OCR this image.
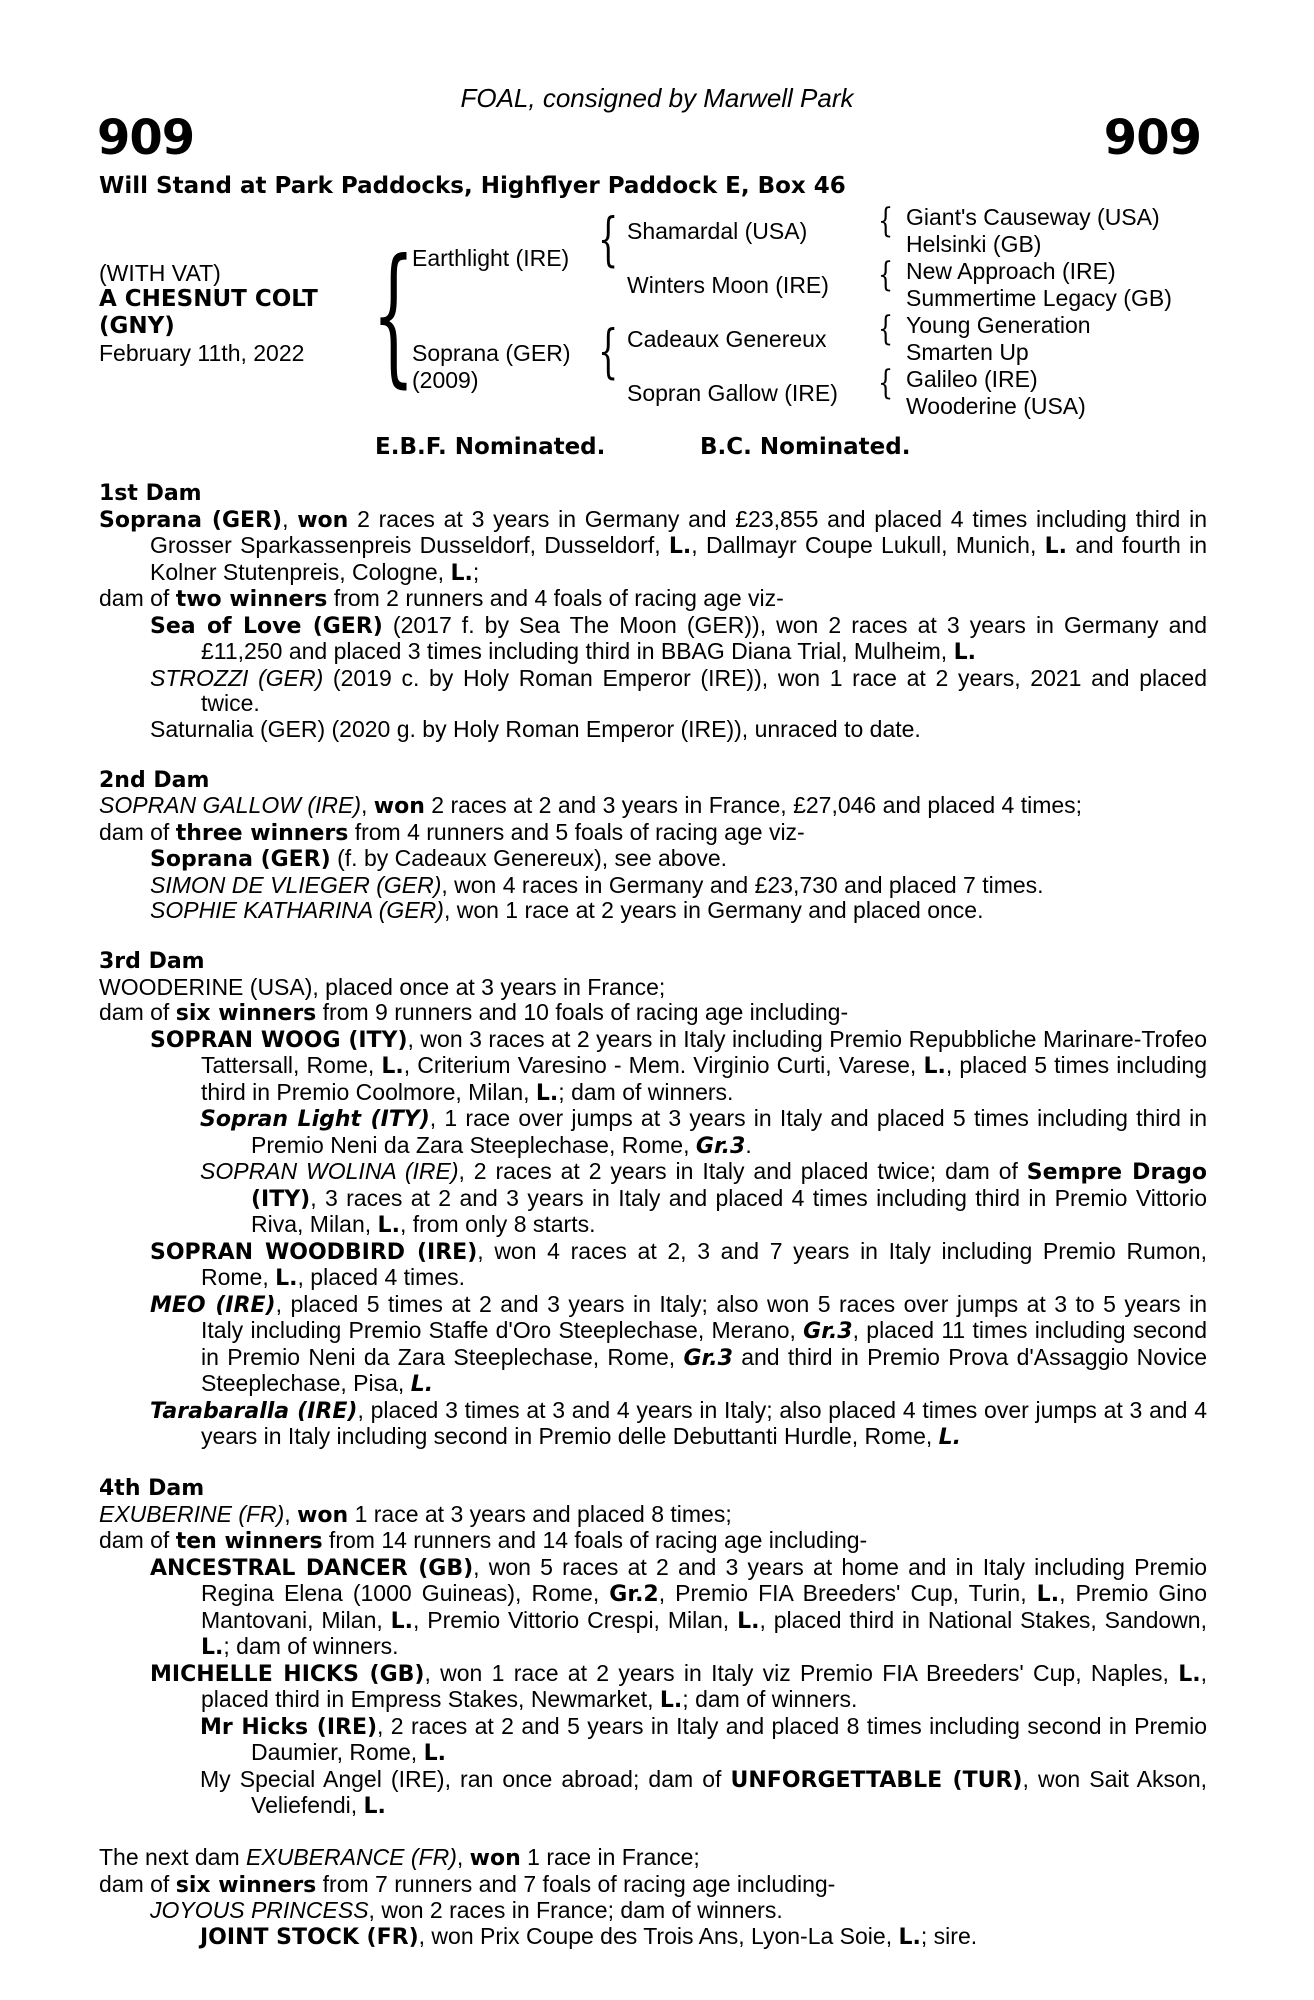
FOAL, consigned by Marwell Park
909	909
Will Stand at Park Paddocks, Highflyer Paddock E, Box 46
(WITH VAT)
A CHESNUT COLT
(GNY)
February 11th, 2022 {
Earthlight (IRE)
Soprana (GER)
(2009)
{
{
Shamardal (USA)
Winters Moon (IRE)
Cadeaux Genereux
Sopran Gallow (IRE)
{
{
{
{
Giant's Causeway (USA)
Helsinki (GB)
New Approach (IRE)
Summertime Legacy (GB)
Young Generation
Smarten Up
Galileo (IRE)
Wooderine (USA)
E.B.F. Nominated.	B.C. Nominated.
1st Dam
Soprana (GER), won 2 races at 3 years in Germany and £23,855 and placed 4 times including third in Grosser Sparkassenpreis Dusseldorf, Dusseldorf, L., Dallmayr Coupe Lukull, Munich, L. and fourth in Kolner Stutenpreis, Cologne, L.;
dam of two winners from 2 runners and 4 foals of racing age viz-
Sea of Love (GER) (2017 f. by Sea The Moon (GER)), won 2 races at 3 years in Germany and £11,250 and placed 3 times including third in BBAG Diana Trial, Mulheim, L.
STROZZI (GER) (2019 c. by Holy Roman Emperor (IRE)), won 1 race at 2 years, 2021 and placed twice.
Saturnalia (GER) (2020 g. by Holy Roman Emperor (IRE)), unraced to date.
2nd Dam
SOPRAN GALLOW (IRE), won 2 races at 2 and 3 years in France, £27,046 and placed 4 times;
dam of three winners from 4 runners and 5 foals of racing age viz-
Soprana (GER) (f. by Cadeaux Genereux), see above.
SIMON DE VLIEGER (GER), won 4 races in Germany and £23,730 and placed 7 times.
SOPHIE KATHARINA (GER), won 1 race at 2 years in Germany and placed once.
3rd Dam
WOODERINE (USA), placed once at 3 years in France;
dam of six winners from 9 runners and 10 foals of racing age including-
SOPRAN WOOG (ITY), won 3 races at 2 years in Italy including Premio Repubbliche Marinare-Trofeo Tattersall, Rome, L., Criterium Varesino - Mem. Virginio Curti, Varese, L., placed 5 times including third in Premio Coolmore, Milan, L.; dam of winners.
Sopran Light (ITY), 1 race over jumps at 3 years in Italy and placed 5 times including third in Premio Neni da Zara Steeplechase, Rome, Gr.3.
SOPRAN WOLINA (IRE), 2 races at 2 years in Italy and placed twice; dam of Sempre Drago (ITY), 3 races at 2 and 3 years in Italy and placed 4 times including third in Premio Vittorio Riva, Milan, L., from only 8 starts.
SOPRAN WOODBIRD (IRE), won 4 races at 2, 3 and 7 years in Italy including Premio Rumon, Rome, L., placed 4 times.
MEO (IRE), placed 5 times at 2 and 3 years in Italy; also won 5 races over jumps at 3 to 5 years in Italy including Premio Staffe d'Oro Steeplechase, Merano, Gr.3, placed 11 times including second in Premio Neni da Zara Steeplechase, Rome, Gr.3 and third in Premio Prova d'Assaggio Novice Steeplechase, Pisa, L.
Tarabaralla (IRE), placed 3 times at 3 and 4 years in Italy; also placed 4 times over jumps at 3 and 4 years in Italy including second in Premio delle Debuttanti Hurdle, Rome, L.
4th Dam
EXUBERINE (FR), won 1 race at 3 years and placed 8 times;
dam of ten winners from 14 runners and 14 foals of racing age including-
ANCESTRAL DANCER (GB), won 5 races at 2 and 3 years at home and in Italy including Premio Regina Elena (1000 Guineas), Rome, Gr.2, Premio FIA Breeders' Cup, Turin, L., Premio Gino Mantovani, Milan, L., Premio Vittorio Crespi, Milan, L., placed third in National Stakes, Sandown, L.; dam of winners.
MICHELLE HICKS (GB), won 1 race at 2 years in Italy viz Premio FIA Breeders' Cup, Naples, L., placed third in Empress Stakes, Newmarket, L.; dam of winners.
Mr Hicks (IRE), 2 races at 2 and 5 years in Italy and placed 8 times including second in Premio Daumier, Rome, L.
My Special Angel (IRE), ran once abroad; dam of UNFORGETTABLE (TUR), won Sait Akson, Veliefendi, L.
The next dam EXUBERANCE (FR), won 1 race in France;
dam of six winners from 7 runners and 7 foals of racing age including-
JOYOUS PRINCESS, won 2 races in France; dam of winners.
JOINT STOCK (FR), won Prix Coupe des Trois Ans, Lyon-La Soie, L.; sire.
